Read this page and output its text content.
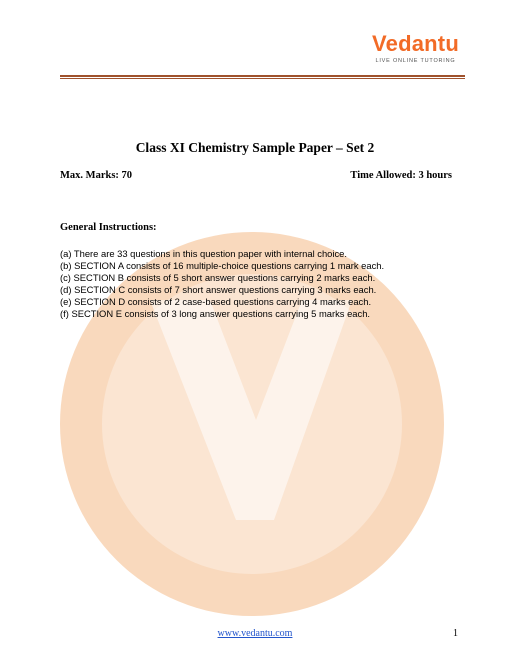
Vedantu
LIVE ONLINE TUTORING
Class XI Chemistry Sample Paper – Set 2
Max. Marks: 70	Time Allowed: 3 hours
General Instructions:
(a) There are 33 questions in this question paper with internal choice.
(b) SECTION A consists of 16 multiple-choice questions carrying 1 mark each.
(c) SECTION B consists of 5 short answer questions carrying 2 marks each.
(d) SECTION C consists of 7 short answer questions carrying 3 marks each.
(e) SECTION D consists of 2 case-based questions carrying 4 marks each.
(f) SECTION E consists of 3 long answer questions carrying 5 marks each.
www.vedantu.com	1
